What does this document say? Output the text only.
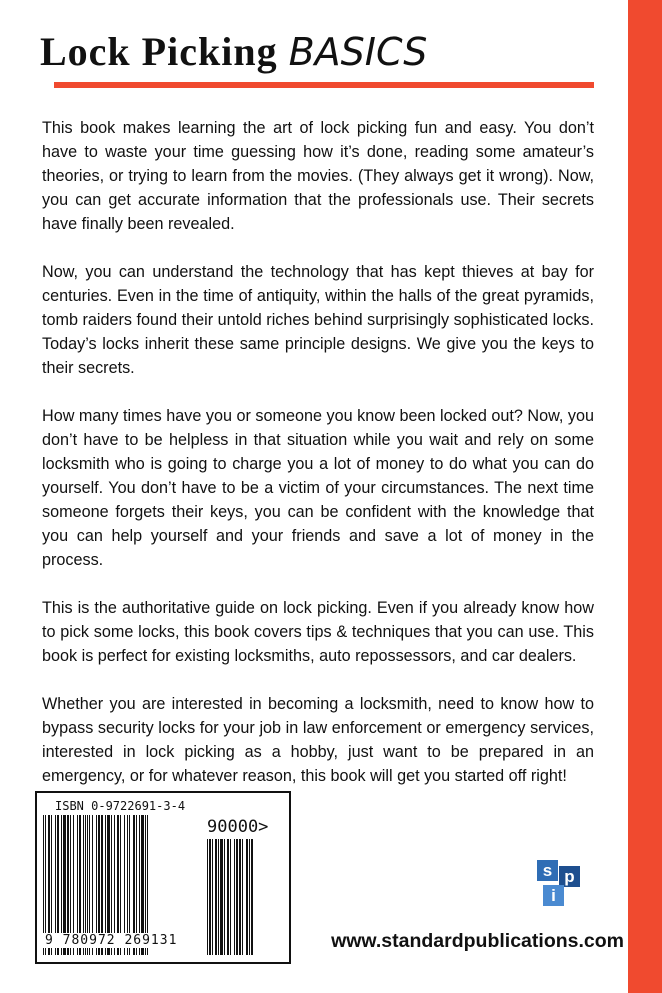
Lock Picking BASICS

This book makes learning the art of lock picking fun and easy. You don’t have to waste your time guessing how it’s done, reading some amateur’s theories, or trying to learn from the movies. (They always get it wrong). Now, you can get accurate information that the professionals use. Their secrets have finally been revealed.

Now, you can understand the technology that has kept thieves at bay for centuries. Even in the time of antiquity, within the halls of the great pyramids, tomb raiders found their untold riches behind surprisingly sophisticated locks. Today’s locks inherit these same principle designs. We give you the keys to their secrets.

How many times have you or someone you know been locked out? Now, you don’t have to be helpless in that situation while you wait and rely on some locksmith who is going to charge you a lot of money to do what you can do yourself. You don’t have to be a victim of your circumstances. The next time someone forgets their keys, you can be confident with the knowledge that you can help yourself and your friends and save a lot of money in the process.

This is the authoritative guide on lock picking. Even if you already know how to pick some locks, this book covers tips & techniques that you can use. This book is perfect for existing locksmiths, auto repossessors, and car dealers.

Whether you are interested in becoming a locksmith, need to know how to bypass security locks for your job in law enforcement or emergency services, interested in lock picking as a hobby, just want to be prepared in an emergency, or for whatever reason, this book will get you started off right!

ISBN 0-9722691-3-4
9 780972 269131
90000>
s p
i
www.standardpublications.com
